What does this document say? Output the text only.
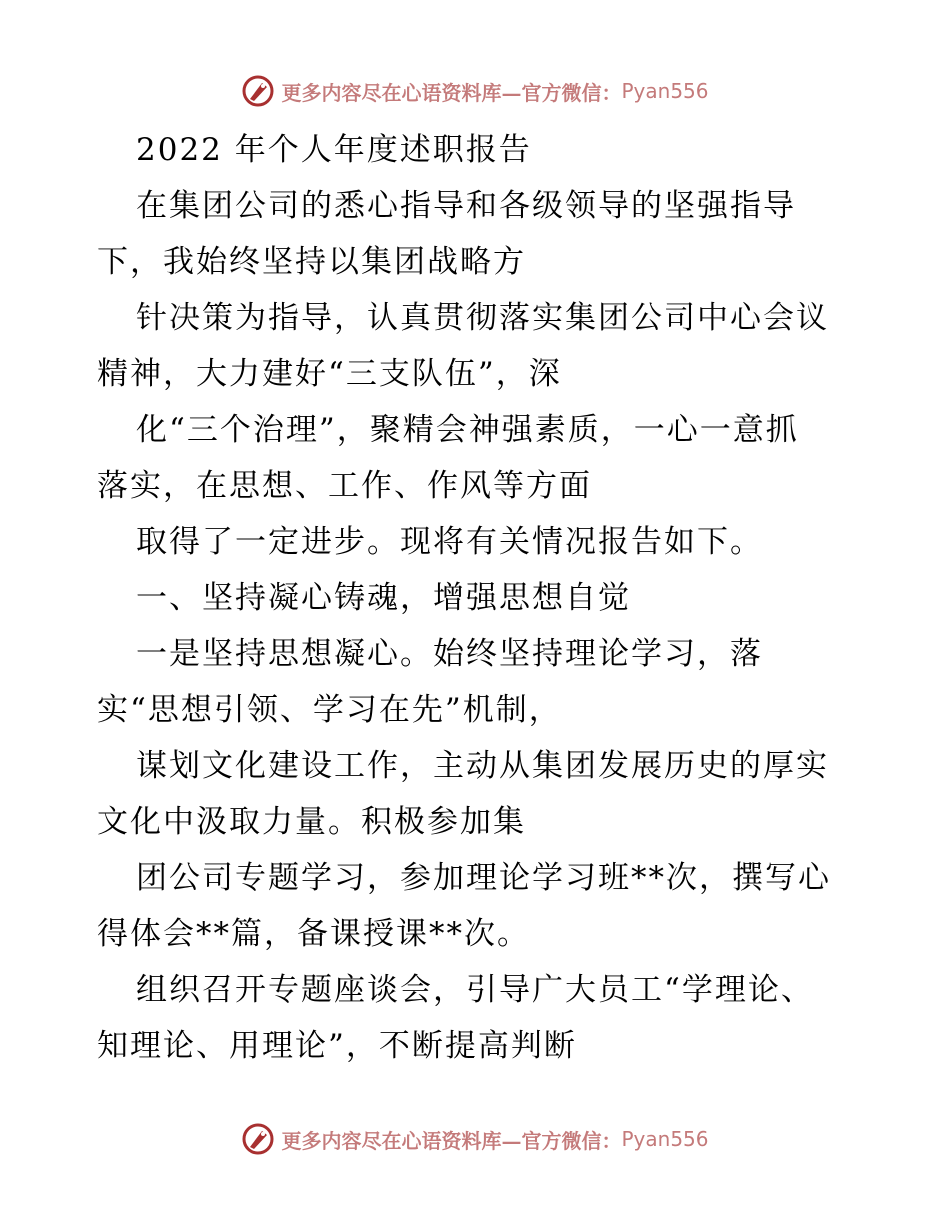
更多内容尽在心语资料库—官方微信： Pyan556
2022 年个人年度述职报告
在集团公司的悉心指导和各级领导的坚强指导
下，我始终坚持以集团战略方
针决策为指导，认真贯彻落实集团公司中心会议
精神，大力建好“三支队伍”，深
化“三个治理”，聚精会神强素质，一心一意抓
落实，在思想、工作、作风等方面
取得了一定进步。现将有关情况报告如下。
一、坚持凝心铸魂，增强思想自觉
一是坚持思想凝心。始终坚持理论学习，落
实“思想引领、学习在先”机制，
谋划文化建设工作，主动从集团发展历史的厚实
文化中汲取力量。积极参加集
团公司专题学习，参加理论学习班**次，撰写心
得体会**篇，备课授课**次。
组织召开专题座谈会，引导广大员工“学理论、
知理论、用理论”，不断提高判断
更多内容尽在心语资料库—官方微信： Pyan556
